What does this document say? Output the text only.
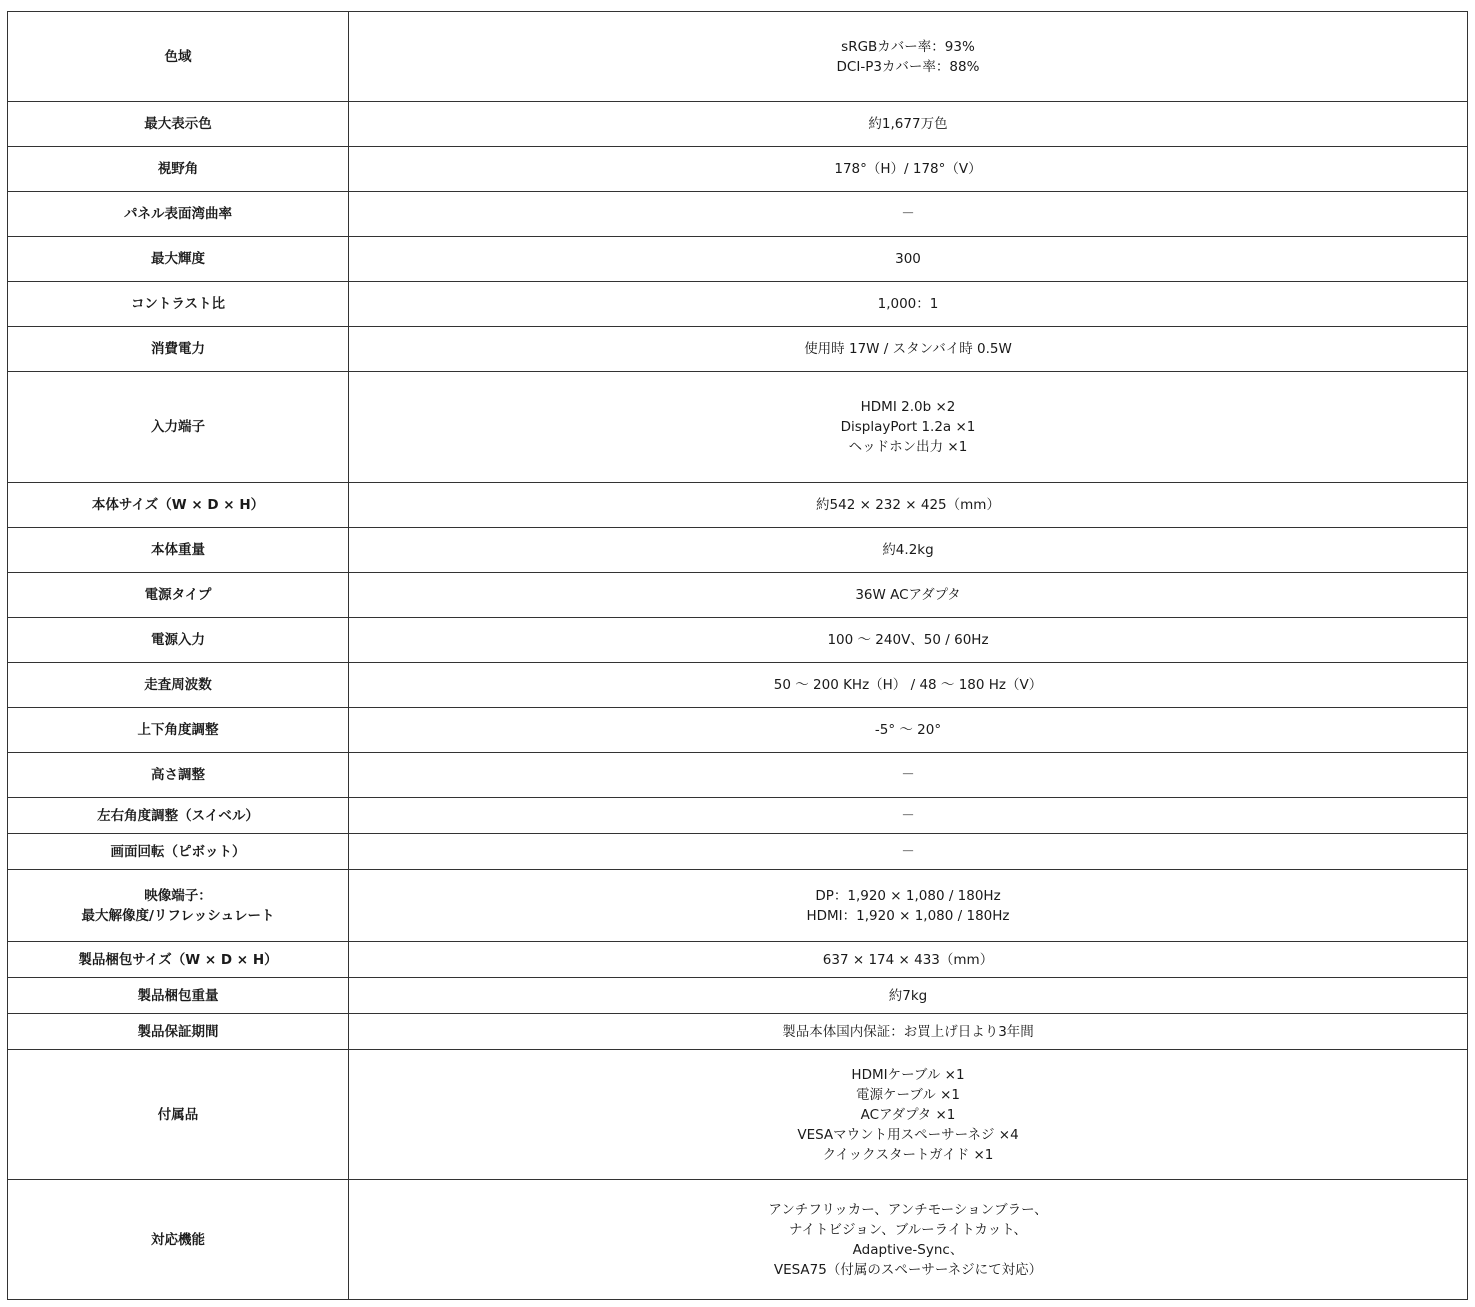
色域	sRGBカバー率：93%
DCI-P3カバー率：88%

最大表示色	約1,677万色

視野角	178°（H）/ 178°（V）

パネル表面湾曲率	－

最大輝度	300

コントラスト比	1,000：1

消費電力	使用時 17W / スタンバイ時 0.5W

入力端子	HDMI 2.0b ×2
DisplayPort 1.2a ×1
ヘッドホン出力 ×1

本体サイズ（W × D × H）	約542 × 232 × 425（mm）

本体重量	約4.2kg

電源タイプ	36W ACアダプタ

電源入力	100 ～ 240V、50 / 60Hz

走査周波数	50 ～ 200 KHz（H） / 48 ～ 180 Hz（V）

上下角度調整	-5° ～ 20°

高さ調整	－

左右角度調整（スイベル）	－

画面回転（ピボット）	－

映像端子：
最大解像度/リフレッシュレート	DP：1,920 × 1,080 / 180Hz
HDMI：1,920 × 1,080 / 180Hz

製品梱包サイズ（W × D × H）	637 × 174 × 433（mm）

製品梱包重量	約7kg

製品保証期間	製品本体国内保証：お買上げ日より3年間

付属品	HDMIケーブル ×1
電源ケーブル ×1
ACアダプタ ×1
VESAマウント用スペーサーネジ ×4
クイックスタートガイド ×1

対応機能	アンチフリッカー、アンチモーションブラー、
ナイトビジョン、ブルーライトカット、
Adaptive-Sync、
VESA75（付属のスペーサーネジにて対応）
